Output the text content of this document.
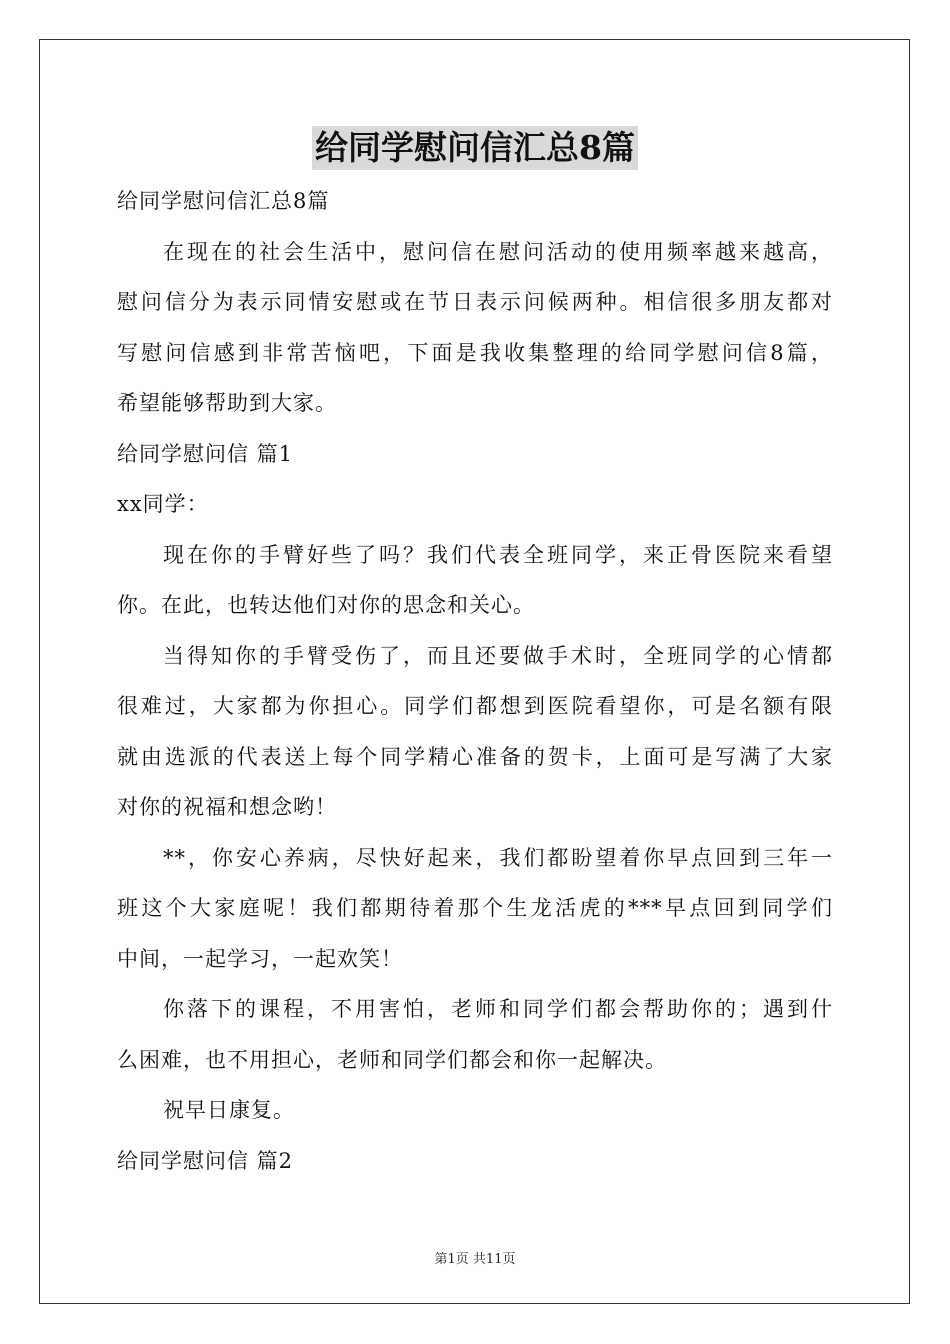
给同学慰问信汇总8篇

给同学慰问信汇总8篇

在现在的社会生活中，慰问信在慰问活动的使用频率越来越高，

慰问信分为表示同情安慰或在节日表示问候两种。相信很多朋友都对

写慰问信感到非常苦恼吧，下面是我收集整理的给同学慰问信8篇，

希望能够帮助到大家。

给同学慰问信 篇1

xx同学：

现在你的手臂好些了吗？我们代表全班同学，来正骨医院来看望

你。在此，也转达他们对你的思念和关心。

当得知你的手臂受伤了，而且还要做手术时，全班同学的心情都

很难过，大家都为你担心。同学们都想到医院看望你，可是名额有限

就由选派的代表送上每个同学精心准备的贺卡，上面可是写满了大家

对你的祝福和想念哟！

**，你安心养病，尽快好起来，我们都盼望着你早点回到三年一

班这个大家庭呢！我们都期待着那个生龙活虎的***早点回到同学们

中间，一起学习，一起欢笑！

你落下的课程，不用害怕，老师和同学们都会帮助你的；遇到什

么困难，也不用担心，老师和同学们都会和你一起解决。

祝早日康复。

给同学慰问信 篇2

第1页 共11页
